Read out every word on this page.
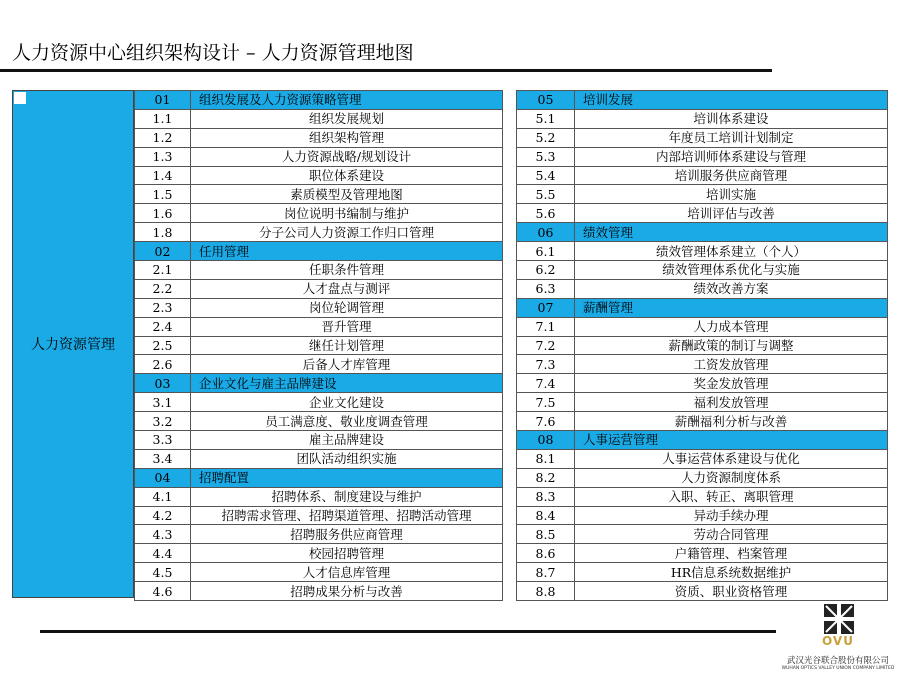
人力资源中心组织架构设计 – 人力资源管理地图
人力资源管理
01	组织发展及人力资源策略管理
1.1	组织发展规划
1.2	组织架构管理
1.3	人力资源战略/规划设计
1.4	职位体系建设
1.5	素质模型及管理地图
1.6	岗位说明书编制与维护
1.8	分子公司人力资源工作归口管理
02	任用管理
2.1	任职条件管理
2.2	人才盘点与测评
2.3	岗位轮调管理
2.4	晋升管理
2.5	继任计划管理
2.6	后备人才库管理
03	企业文化与雇主品牌建设
3.1	企业文化建设
3.2	员工满意度、敬业度调查管理
3.3	雇主品牌建设
3.4	团队活动组织实施
04	招聘配置
4.1	招聘体系、制度建设与维护
4.2	招聘需求管理、招聘渠道管理、招聘活动管理
4.3	招聘服务供应商管理
4.4	校园招聘管理
4.5	人才信息库管理
4.6	招聘成果分析与改善
05	培训发展
5.1	培训体系建设
5.2	年度员工培训计划制定
5.3	内部培训师体系建设与管理
5.4	培训服务供应商管理
5.5	培训实施
5.6	培训评估与改善
06	绩效管理
6.1	绩效管理体系建立（个人）
6.2	绩效管理体系优化与实施
6.3	绩效改善方案
07	薪酬管理
7.1	人力成本管理
7.2	薪酬政策的制订与调整
7.3	工资发放管理
7.4	奖金发放管理
7.5	福利发放管理
7.6	薪酬福利分析与改善
08	人事运营管理
8.1	人事运营体系建设与优化
8.2	人力资源制度体系
8.3	入职、转正、离职管理
8.4	异动手续办理
8.5	劳动合同管理
8.6	户籍管理、档案管理
8.7	HR信息系统数据维护
8.8	资质、职业资格管理
OVU
武汉光谷联合股份有限公司
WUHAN OPTICS VALLEY UNION COMPANY LIMITED
